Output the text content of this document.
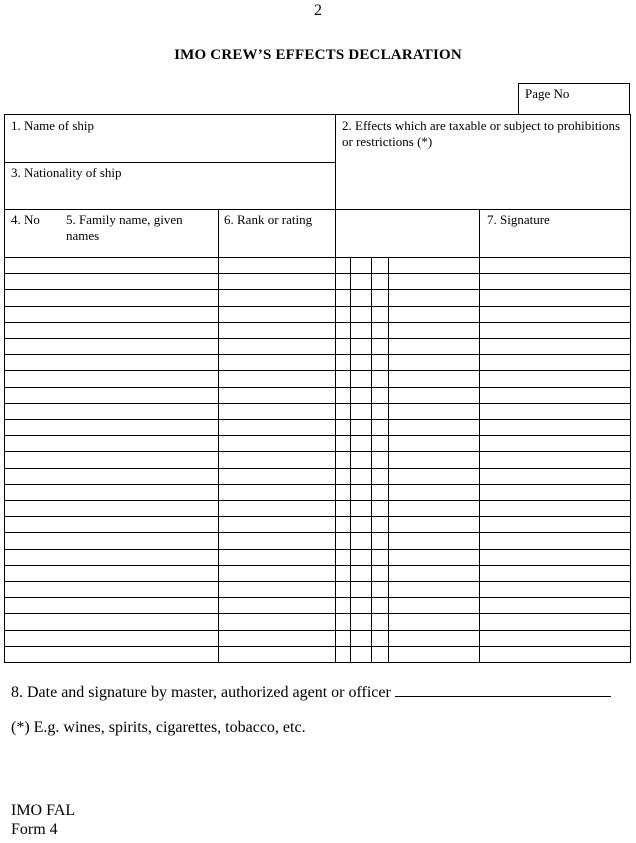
2
IMO CREW’S EFFECTS DECLARATION
Page No
1. Name of ship	2. Effects which are taxable or subject to prohibitions or restrictions (*)
3. Nationality of ship
4. No 5. Family name, given names
6. Rank or rating	7. Signature
8. Date and signature by master, authorized agent or officer
(*) E.g. wines, spirits, cigarettes, tobacco, etc.
IMO FAL
Form 4
